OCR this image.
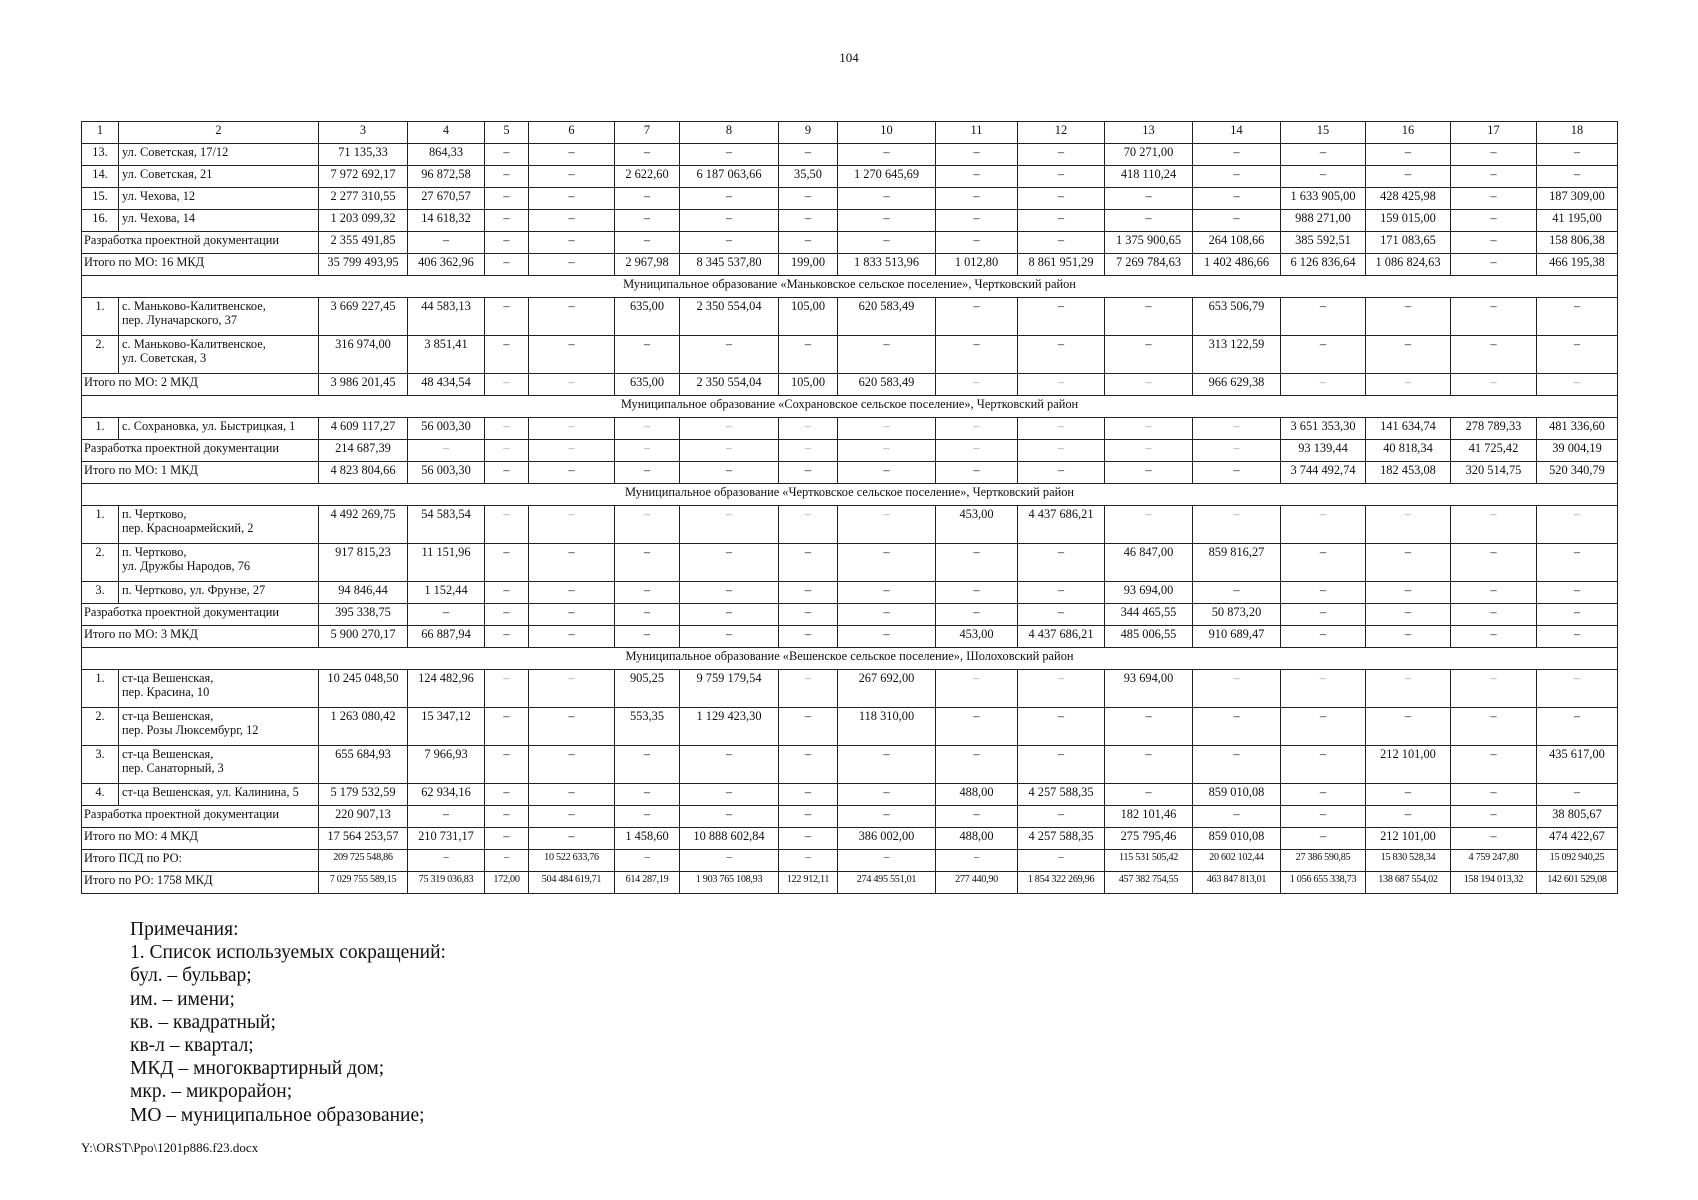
104
1	2	3	4	5	6	7	8	9	10	11	12	13	14	15	16	17	18
13.	ул. Советская, 17/12	71 135,33	864,33	–	–	–	–	–	–	–	–	70 271,00	–	–	–	–	–
14.	ул. Советская, 21	7 972 692,17	96 872,58	–	–	2 622,60	6 187 063,66	35,50	1 270 645,69	–	–	418 110,24	–	–	–	–	–
15.	ул. Чехова, 12	2 277 310,55	27 670,57	–	–	–	–	–	–	–	–	–	–	1 633 905,00	428 425,98	–	187 309,00
16.	ул. Чехова, 14	1 203 099,32	14 618,32	–	–	–	–	–	–	–	–	–	–	988 271,00	159 015,00	–	41 195,00
Разработка проектной документации		2 355 491,85	–	–	–	–	–	–	–	–	–	1 375 900,65	264 108,66	385 592,51	171 083,65	–	158 806,38
Итого по МО: 16 МКД		35 799 493,95	406 362,96	–	–	2 967,98	8 345 537,80	199,00	1 833 513,96	1 012,80	8 861 951,29	7 269 784,63	1 402 486,66	6 126 836,64	1 086 824,63	–	466 195,38
Муниципальное образование «Маньковское сельское поселение», Чертковский район																	
1.	с. Маньково-Калитвенское,
пер. Луначарского, 37	3 669 227,45	44 583,13	–	–	635,00	2 350 554,04	105,00	620 583,49	–	–	–	653 506,79	–	–	–	–
2.	с. Маньково-Калитвенское,
ул. Советская, 3	316 974,00	3 851,41	–	–	–	–	–	–	–	–	–	313 122,59	–	–	–	–
Итого по МО: 2 МКД		3 986 201,45	48 434,54	–	–	635,00	2 350 554,04	105,00	620 583,49	–	–	–	966 629,38	–	–	–	–
Муниципальное образование «Сохрановское сельское поселение», Чертковский район																	
1.	с. Сохрановка, ул. Быстрицкая, 1	4 609 117,27	56 003,30	–	–	–	–	–	–	–	–	–	–	3 651 353,30	141 634,74	278 789,33	481 336,60
Разработка проектной документации		214 687,39	–	–	–	–	–	–	–	–	–	–	–	93 139,44	40 818,34	41 725,42	39 004,19
Итого по МО: 1 МКД		4 823 804,66	56 003,30	–	–	–	–	–	–	–	–	–	–	3 744 492,74	182 453,08	320 514,75	520 340,79
Муниципальное образование «Чертковское сельское поселение», Чертковский район																	
1.	п. Чертково,
пер. Красноармейский, 2	4 492 269,75	54 583,54	–	–	–	–	–	–	453,00	4 437 686,21	–	–	–	–	–	–
2.	п. Чертково,
ул. Дружбы Народов, 76	917 815,23	11 151,96	–	–	–	–	–	–	–	–	46 847,00	859 816,27	–	–	–	–
3.	п. Чертково, ул. Фрунзе, 27	94 846,44	1 152,44	–	–	–	–	–	–	–	–	93 694,00	–	–	–	–	–
Разработка проектной документации		395 338,75	–	–	–	–	–	–	–	–	–	344 465,55	50 873,20	–	–	–	–
Итого по МО: 3 МКД		5 900 270,17	66 887,94	–	–	–	–	–	–	453,00	4 437 686,21	485 006,55	910 689,47	–	–	–	–
Муниципальное образование «Вешенское сельское поселение», Шолоховский район																	
1.	ст-ца Вешенская,
пер. Красина, 10	10 245 048,50	124 482,96	–	–	905,25	9 759 179,54	–	267 692,00	–	–	93 694,00	–	–	–	–	–
2.	ст-ца Вешенская,
пер. Розы Люксембург, 12	1 263 080,42	15 347,12	–	–	553,35	1 129 423,30	–	118 310,00	–	–	–	–	–	–	–	–
3.	ст-ца Вешенская,
пер. Санаторный, 3	655 684,93	7 966,93	–	–	–	–	–	–	–	–	–	–	–	212 101,00	–	435 617,00
4.	ст-ца Вешенская, ул. Калинина, 5	5 179 532,59	62 934,16	–	–	–	–	–	–	488,00	4 257 588,35	–	859 010,08	–	–	–	–
Разработка проектной документации		220 907,13	–	–	–	–	–	–	–	–	–	182 101,46	–	–	–	–	38 805,67
Итого по МО: 4 МКД		17 564 253,57	210 731,17	–	–	1 458,60	10 888 602,84	–	386 002,00	488,00	4 257 588,35	275 795,46	859 010,08	–	212 101,00	–	474 422,67
Итого ПСД по РО:		209 725 548,86	–	–	10 522 633,76	–	–	–	–	–	–	115 531 505,42	20 602 102,44	27 386 590,85	15 830 528,34	4 759 247,80	15 092 940,25
Итого по РО: 1758 МКД		7 029 755 589,15	75 319 036,83	172,00	504 484 619,71	614 287,19	1 903 765 108,93	122 912,11	274 495 551,01	277 440,90	1 854 322 269,96	457 382 754,55	463 847 813,01	1 056 655 338,73	138 687 554,02	158 194 013,32	142 601 529,08
Примечания:
1. Список используемых сокращений:
бул. – бульвар;
им. – имени;
кв. – квадратный;
кв-л – квартал;
МКД – многоквартирный дом;
мкр. – микрорайон;
МО – муниципальное образование;
Y:\ORST\Ppo\1201p886.f23.docx
